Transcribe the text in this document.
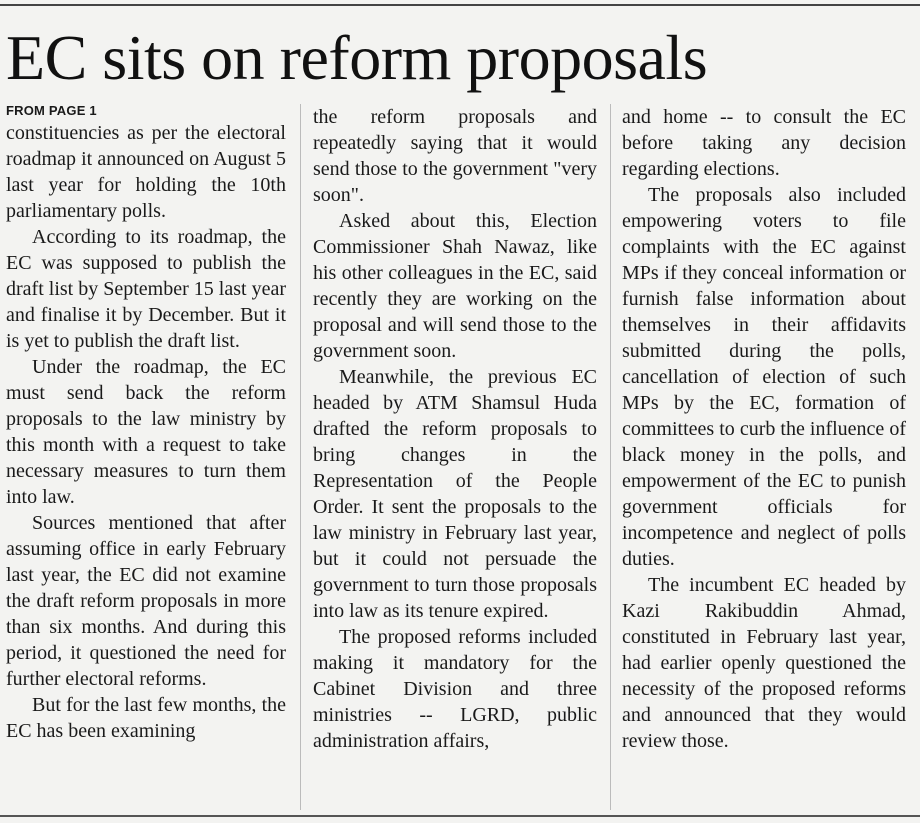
EC sits on reform proposals
FROM PAGE 1

constituencies as per the electoral roadmap it announced on August 5 last year for holding the 10th parliamentary polls.

According to its roadmap, the EC was supposed to publish the draft list by September 15 last year and finalise it by December. But it is yet to publish the draft list.

Under the roadmap, the EC must send back the reform proposals to the law ministry by this month with a request to take necessary measures to turn them into law.

Sources mentioned that after assuming office in early February last year, the EC did not examine the draft reform proposals in more than six months. And during this period, it questioned the need for further electoral reforms.

But for the last few months, the EC has been examining

the reform proposals and repeatedly saying that it would send those to the government "very soon".

Asked about this, Election Commissioner Shah Nawaz, like his other colleagues in the EC, said recently they are working on the proposal and will send those to the government soon.

Meanwhile, the previous EC headed by ATM Shamsul Huda drafted the reform proposals to bring changes in the Representation of the People Order. It sent the proposals to the law ministry in February last year, but it could not persuade the government to turn those proposals into law as its tenure expired.

The proposed reforms included making it mandatory for the Cabinet Division and three ministries -- LGRD, public administration affairs,

and home -- to consult the EC before taking any decision regarding elections.

The proposals also included empowering voters to file complaints with the EC against MPs if they conceal information or furnish false information about themselves in their affidavits submitted during the polls, cancellation of election of such MPs by the EC, formation of committees to curb the influence of black money in the polls, and empowerment of the EC to punish government officials for incompetence and neglect of polls duties.

The incumbent EC headed by Kazi Rakibuddin Ahmad, constituted in February last year, had earlier openly questioned the necessity of the proposed reforms and announced that they would review those.
